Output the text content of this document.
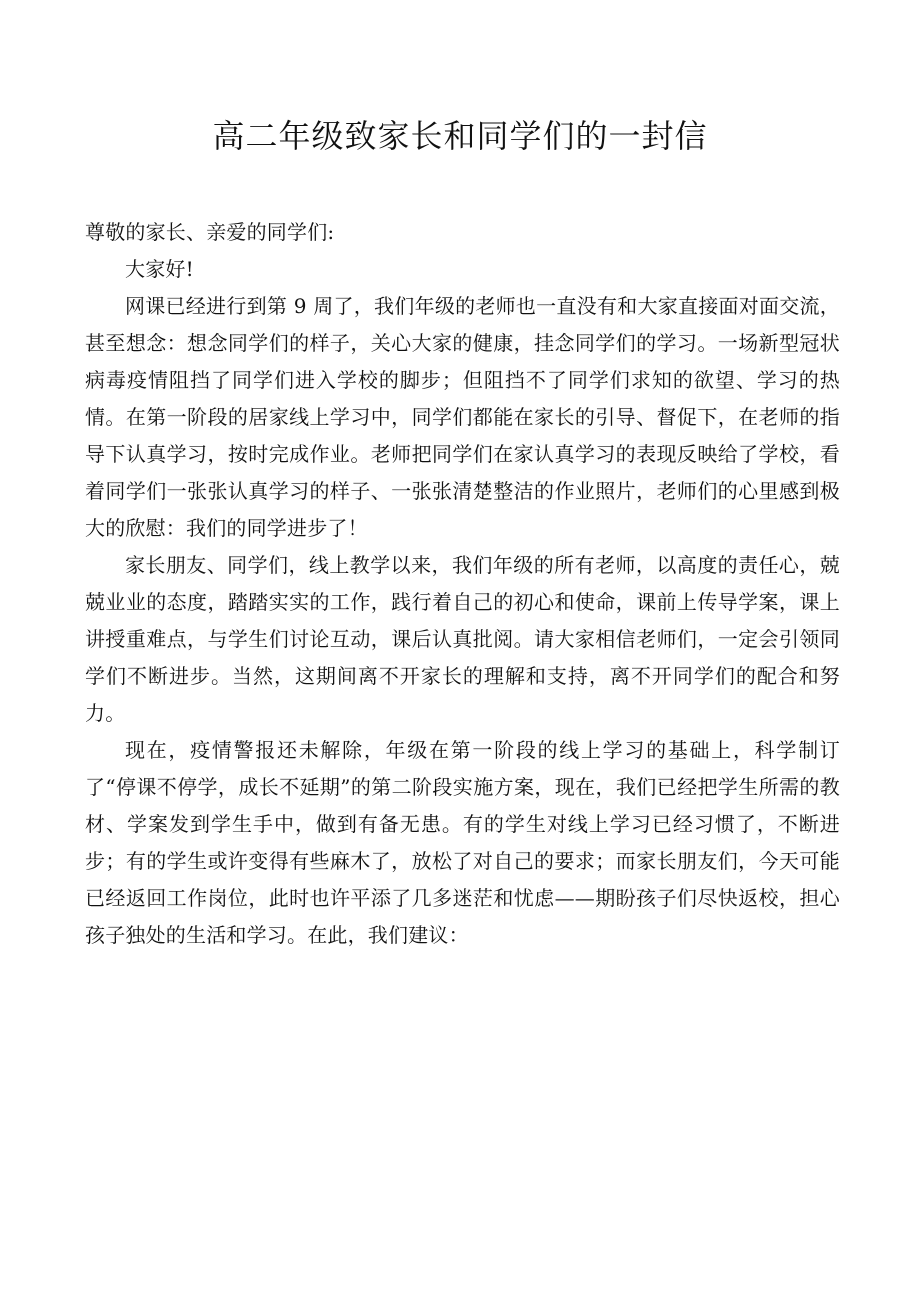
高二年级致家长和同学们的一封信

尊敬的家长、亲爱的同学们:

大家好!

网课已经进行到第 9 周了，我们年级的老师也一直没有和大家直接面对面交流，甚至想念：想念同学们的样子，关心大家的健康，挂念同学们的学习。一场新型冠状病毒疫情阻挡了同学们进入学校的脚步；但阻挡不了同学们求知的欲望、学习的热情。在第一阶段的居家线上学习中，同学们都能在家长的引导、督促下，在老师的指导下认真学习，按时完成作业。老师把同学们在家认真学习的表现反映给了学校，看着同学们一张张认真学习的样子、一张张清楚整洁的作业照片，老师们的心里感到极大的欣慰：我们的同学进步了！

家长朋友、同学们，线上教学以来，我们年级的所有老师，以高度的责任心，兢兢业业的态度，踏踏实实的工作，践行着自己的初心和使命，课前上传导学案，课上讲授重难点，与学生们讨论互动，课后认真批阅。请大家相信老师们，一定会引领同学们不断进步。当然，这期间离不开家长的理解和支持，离不开同学们的配合和努力。

现在，疫情警报还未解除，年级在第一阶段的线上学习的基础上，科学制订了“停课不停学，成长不延期”的第二阶段实施方案，现在，我们已经把学生所需的教材、学案发到学生手中，做到有备无患。有的学生对线上学习已经习惯了，不断进步；有的学生或许变得有些麻木了，放松了对自己的要求；而家长朋友们，今天可能已经返回工作岗位，此时也许平添了几多迷茫和忧虑——期盼孩子们尽快返校，担心孩子独处的生活和学习。在此，我们建议：
